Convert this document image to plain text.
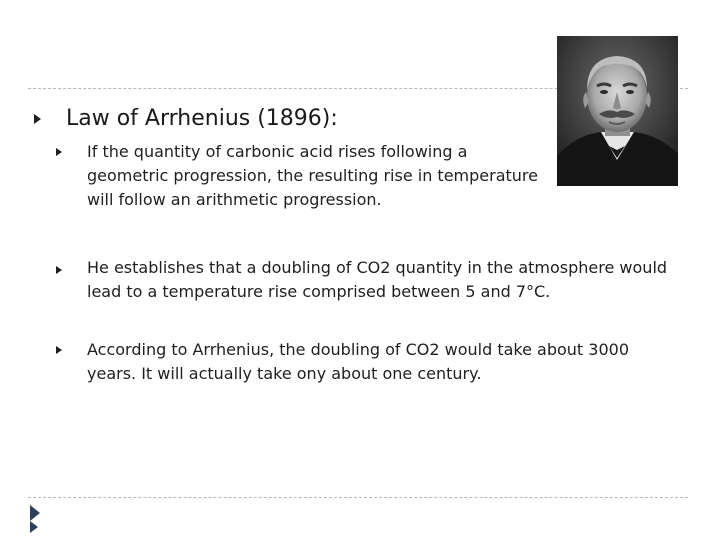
Law of Arrhenius (1896):
If the quantity of carbonic acid rises following a
geometric progression, the resulting rise in temperature
will follow an arithmetic progression.
He establishes that a doubling of CO2 quantity in the atmosphere would
lead to a temperature rise comprised between 5 and 7°C.
According to Arrhenius, the doubling of CO2 would take about 3000
years. It will actually take ony about one century.
